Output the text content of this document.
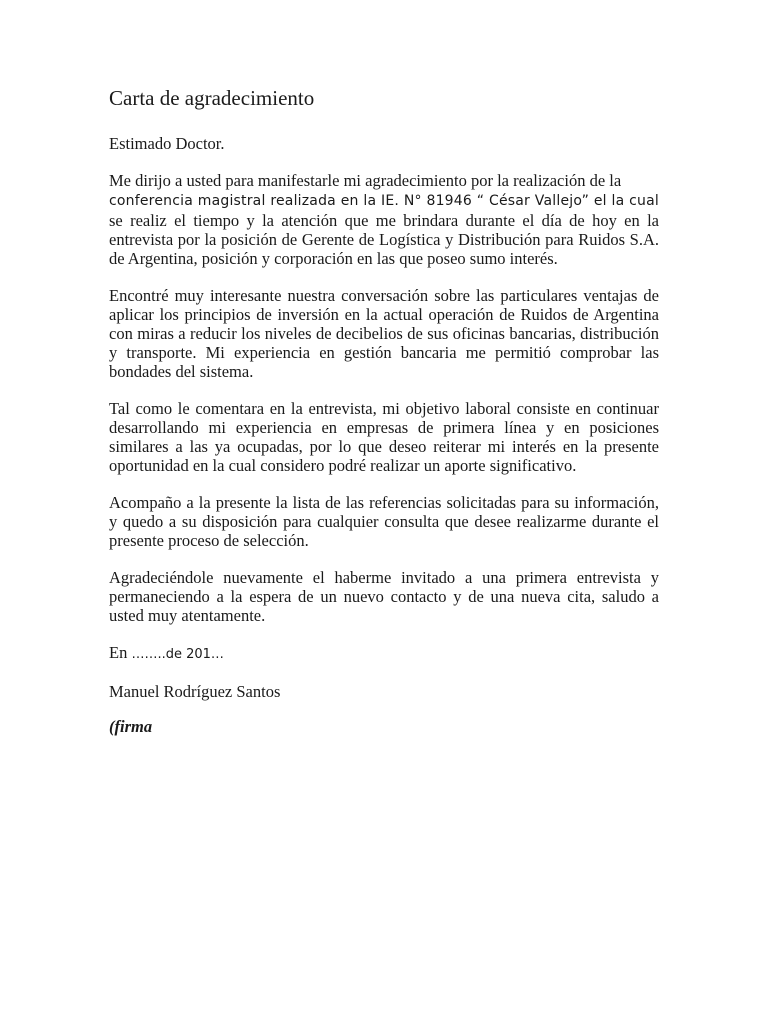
Carta de agradecimiento
Estimado Doctor.
Me dirijo a usted para manifestarle mi agradecimiento por la realización de la
conferencia magistral realizada en la IE. N° 81946 “ César Vallejo” el la cual se realiz el tiempo y la atención que me brindara durante el día de hoy en la entrevista por la posición de Gerente de Logística y Distribución para Ruidos S.A. de Argentina, posición y corporación en las que poseo sumo interés.
Encontré muy interesante nuestra conversación sobre las particulares ventajas de aplicar los principios de inversión en la actual operación de Ruidos de Argentina con miras a reducir los niveles de decibelios de sus oficinas bancarias, distribución y transporte. Mi experiencia en gestión bancaria me permitió comprobar las bondades del sistema.
Tal como le comentara en la entrevista, mi objetivo laboral consiste en continuar desarrollando mi experiencia en empresas de primera línea y en posiciones similares a las ya ocupadas, por lo que deseo reiterar mi interés en la presente oportunidad en la cual considero podré realizar un aporte significativo.
Acompaño a la presente la lista de las referencias solicitadas para su información, y quedo a su disposición para cualquier consulta que desee realizarme durante el presente proceso de selección.
Agradeciéndole nuevamente el haberme invitado a una primera entrevista y permaneciendo a la espera de un nuevo contacto y de una nueva cita, saludo a usted muy atentamente.
En ……..de 201…
Manuel Rodríguez Santos
(firma
